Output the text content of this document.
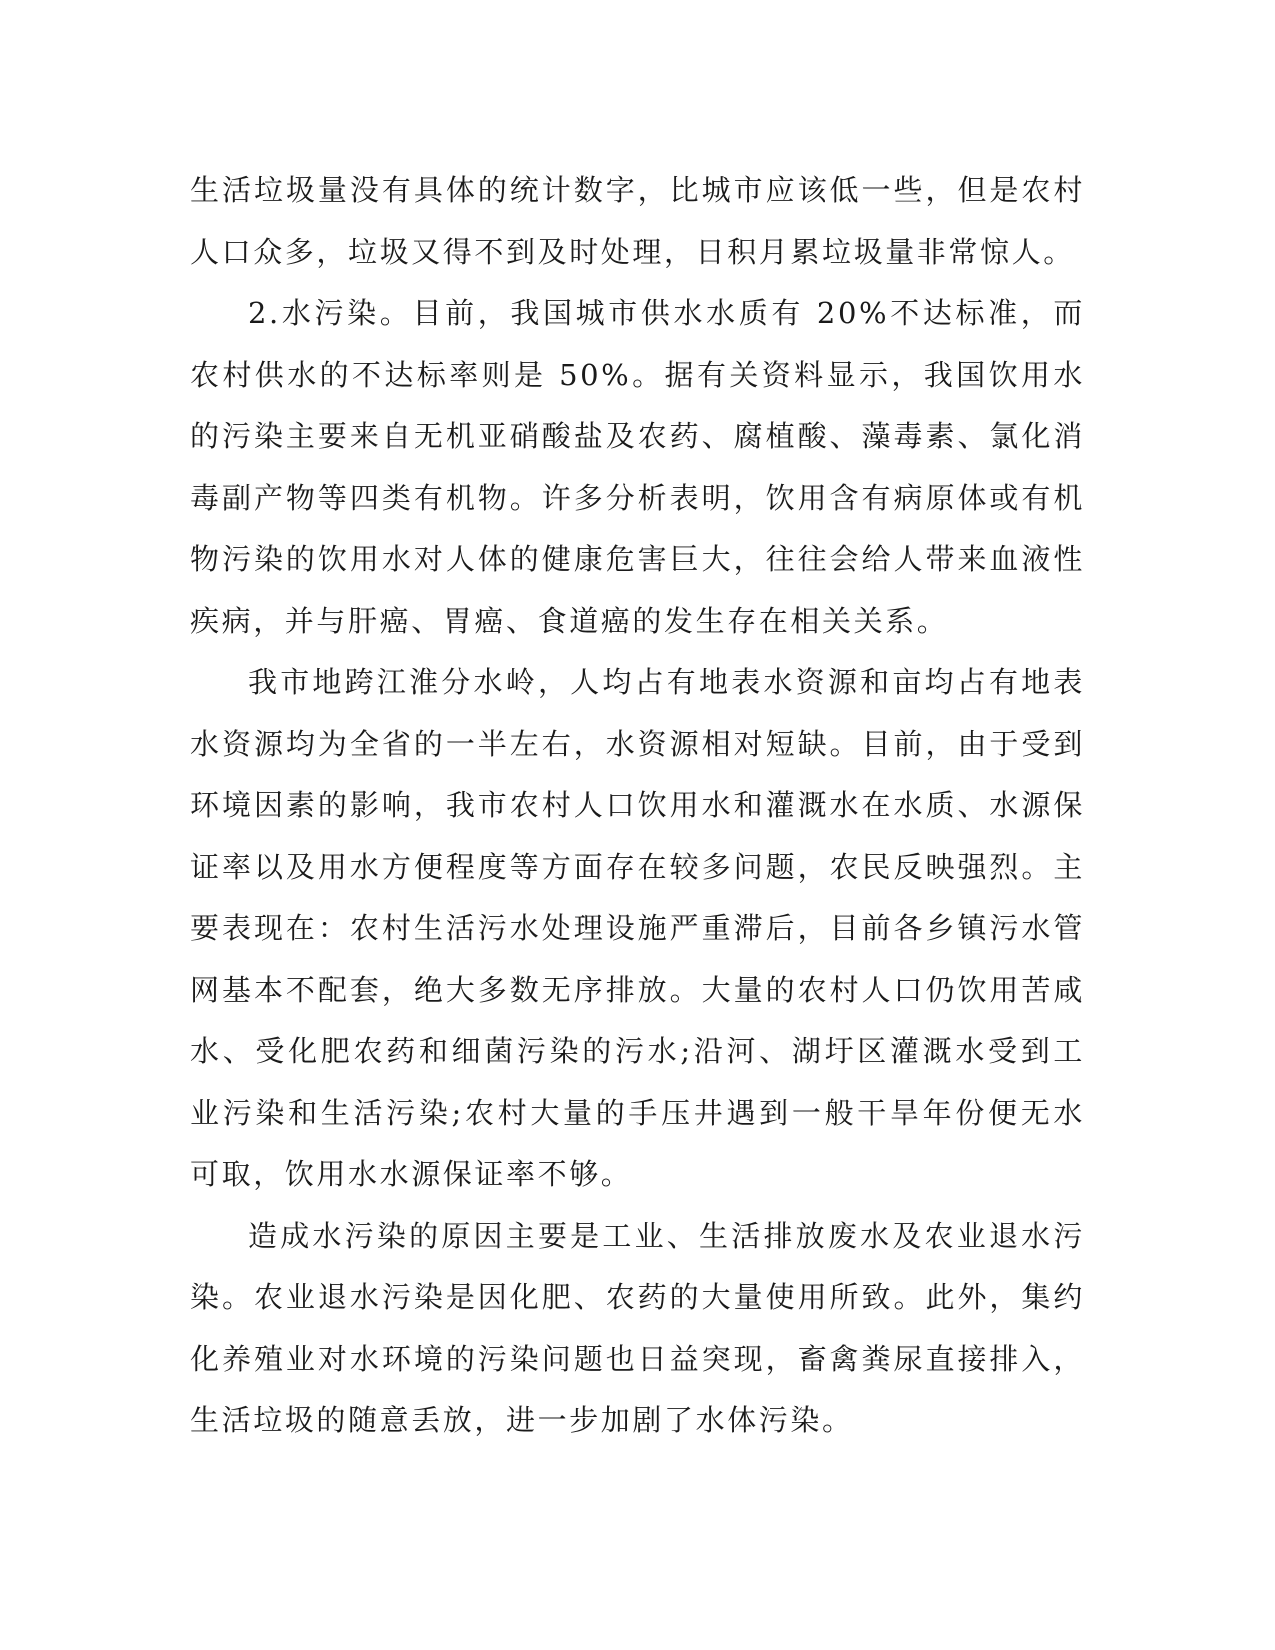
生活垃圾量没有具体的统计数字，比城市应该低一些，但是农村人口众多，垃圾又得不到及时处理，日积月累垃圾量非常惊人。

2.水污染。目前，我国城市供水水质有 20%不达标准，而农村供水的不达标率则是 50%。据有关资料显示，我国饮用水的污染主要来自无机亚硝酸盐及农药、腐植酸、藻毒素、氯化消毒副产物等四类有机物。许多分析表明，饮用含有病原体或有机物污染的饮用水对人体的健康危害巨大，往往会给人带来血液性疾病，并与肝癌、胃癌、食道癌的发生存在相关关系。

我市地跨江淮分水岭，人均占有地表水资源和亩均占有地表水资源均为全省的一半左右，水资源相对短缺。目前，由于受到环境因素的影响，我市农村人口饮用水和灌溉水在水质、水源保证率以及用水方便程度等方面存在较多问题，农民反映强烈。主要表现在：农村生活污水处理设施严重滞后，目前各乡镇污水管网基本不配套，绝大多数无序排放。大量的农村人口仍饮用苦咸水、受化肥农药和细菌污染的污水;沿河、湖圩区灌溉水受到工业污染和生活污染;农村大量的手压井遇到一般干旱年份便无水可取，饮用水水源保证率不够。

造成水污染的原因主要是工业、生活排放废水及农业退水污染。农业退水污染是因化肥、农药的大量使用所致。此外，集约化养殖业对水环境的污染问题也日益突现，畜禽粪尿直接排入，生活垃圾的随意丢放，进一步加剧了水体污染。
